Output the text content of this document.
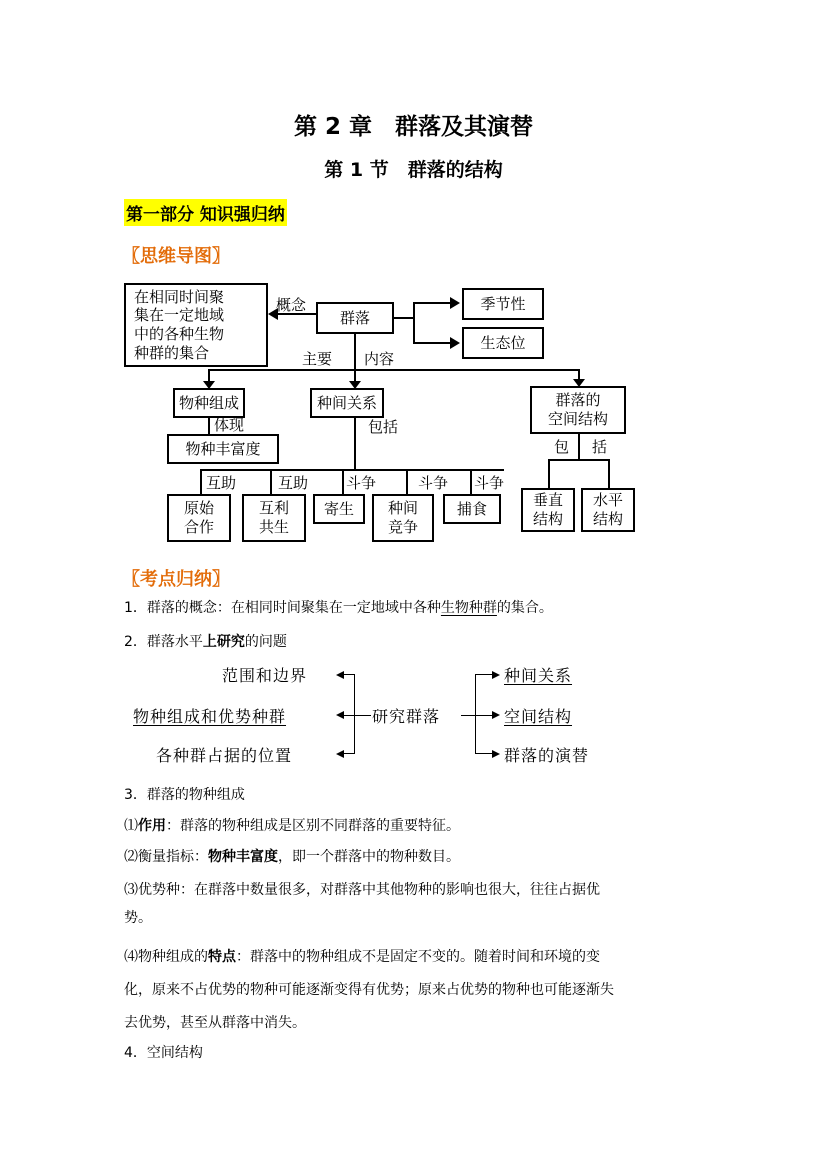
第 2 章　群落及其演替
第 1 节　群落的结构
第一部分 知识强归纳
〖思维导图〗
在相同时间聚
集在一定地域
中的各种生物
种群的集合
概念
群落
季节性
生态位
主要 内容
物种组成
体现
物种丰富度
种间关系
包括
互助	互助	斗争	斗争 斗争
原始
合作
互利
共生
寄生	种间
竞争
捕食
群落的
空间结构
包 括
垂直
结构
水平
结构
〖考点归纳〗
1．群落的概念：在相同时间聚集在一定地域中各种生物种群的集合。
2．群落水平上研究的问题
范围和边界
物种组成和优势种群
各种群占据的位置
研究群落
种间关系
空间结构
群落的演替
3．群落的物种组成
⑴作用：群落的物种组成是区别不同群落的重要特征。
⑵衡量指标：物种丰富度，即一个群落中的物种数目。
⑶优势种：在群落中数量很多，对群落中其他物种的影响也很大，往往占据优
势。
⑷物种组成的特点：群落中的物种组成不是固定不变的。随着时间和环境的变
化，原来不占优势的物种可能逐渐变得有优势；原来占优势的物种也可能逐渐失
去优势，甚至从群落中消失。
4．空间结构
